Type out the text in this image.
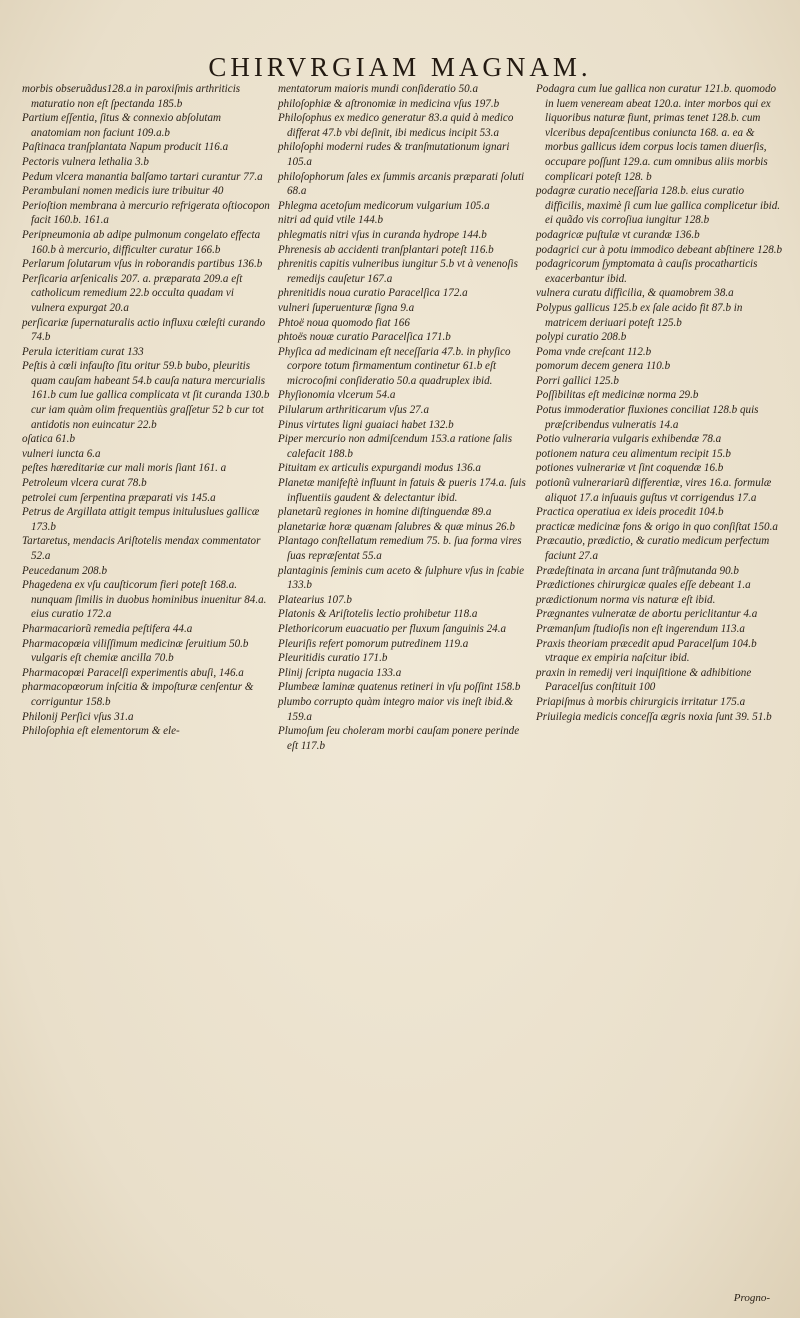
CHIRVRGIAM MAGNAM.

morbis obseruãdus128.a in paroxiſmis arthriticis maturatio non eſt ſpectanda 185.b

Partium eſſentia, ſitus & connexio abſolutam anatomiam non faciunt 109.a.b

Paſtinaca tranſplantata Napum producit 116.a

Pectoris vulnera lethalia 3.b

Pedum vlcera manantia balſamo tartari curantur 77.a

Perambulani nomen medicis iure tribuitur 40

Perioſtion membrana à mercurio refrigerata oſtiocopon facit 160.b. 161.a

Peripneumonia ab adipe pulmonum congelato effecta 160.b à mercurio, difficulter curatur 166.b

Perlarum ſolutarum vſus in roborandis partibus 136.b

Perſicaria arſenicalis 207. a. præparata 209.a eſt catholicum remedium 22.b occulta quadam vi vulnera expurgat 20.a

perſicariæ ſupernaturalis actio influxu cœleſti curando 74.b

Perula icteritiam curat 133

Peſtis à cœli infauſto ſitu oritur 59.b bubo, pleuritis quam cauſam habeant 54.b cauſa natura mercurialis 161.b cum lue gallica complicata vt ſit curanda 130.b cur iam quàm olim frequentiùs graſſetur 52 b cur tot antidotis non euincatur 22.b

oſatica 61.b

vulneri iuncta 6.a

peſtes hæreditariæ cur mali moris ſiant 161. a

Petroleum vlcera curat 78.b

petrolei cum ſerpentina præparati vis 145.a

Petrus de Argillata attigit tempus inituluslues gallicæ 173.b

Tartaretus, mendacis Ariſtotelis mendax commentator 52.a

Peucedanum 208.b

Phagedena ex vſu cauſticorum fieri poteſt 168.a. nunquam ſimilis in duobus hominibus inuenitur 84.a. eius curatio 172.a

Pharmacariorũ remedia peſtifera 44.a

Pharmacopœia viliſſimum medicinæ ſeruitium 50.b vulgaris eſt chemiæ ancilla 70.b

Pharmacopœi Paracelſi experimentis abuſi, 146.a

pharmacopœorum inſcitia & impoſturæ cenſentur & corriguntur 158.b

Philonij Perſici vſus 31.a

Philoſophia eſt elementorum & ele-

mentatorum maioris mundi conſideratio 50.a

philoſophiæ & aſtronomiæ in medicina vſus 197.b

Philoſophus ex medico generatur 83.a quid à medico differat 47.b vbi deſinit, ibi medicus incipit 53.a

philoſophi moderni rudes & tranſmutationum ignari 105.a

philoſophorum ſales ex ſummis arcanis præparati ſoluti 68.a

Phlegma acetoſum medicorum vulgarium 105.a

nitri ad quid vtile 144.b

phlegmatis nitri vſus in curanda hydrope 144.b

Phrenesis ab accidenti tranſplantari poteſt 116.b

phrenitis capitis vulneribus iungitur 5.b vt à venenoſis remedijs cauſetur 167.a

phrenitidis noua curatio Paracelſica 172.a

vulneri ſuperuenturæ ſigna 9.a

Phtoë noua quomodo fiat 166

phtoës nouæ curatio Paracelſica 171.b

Phyſica ad medicinam eſt neceſſaria 47.b. in phyſico corpore totum firmamentum continetur 61.b eſt microcoſmi conſideratio 50.a quadruplex ibid.

Phyſionomia vlcerum 54.a

Pilularum arthriticarum vſus 27.a

Pinus virtutes ligni guaiaci habet 132.b

Piper mercurio non admiſcendum 153.a ratione ſalis calefacit 188.b

Pituitam ex articulis expurgandi modus 136.a

Planetæ manifeſtè influunt in fatuis & pueris 174.a. ſuis influentiis gaudent & delectantur ibid.

planetarũ regiones in homine diſtinguendæ 89.a

planetariæ horæ quænam ſalubres & quæ minus 26.b

Plantago conſtellatum remedium 75. b. ſua forma vires ſuas repræſentat 55.a

plantaginis ſeminis cum aceto & ſulphure vſus in ſcabie 133.b

Platearius 107.b

Platonis & Ariſtotelis lectio prohibetur 118.a

Plethoricorum euacuatio per fluxum ſanguinis 24.a

Pleuriſis refert pomorum putredinem 119.a

Pleuritidis curatio 171.b

Plinij ſcripta nugacia 133.a

Plumbeæ laminæ quatenus retineri in vſu poſſint 158.b

plumbo corrupto quàm integro maior vis ineſt ibid.& 159.a

Plumoſum ſeu choleram morbi cauſam ponere perinde eſt 117.b

Podagra cum lue gallica non curatur 121.b. quomodo in luem veneream abeat 120.a. inter morbos qui ex liquoribus naturæ fiunt, primas tenet 128.b. cum vlceribus depaſcentibus coniuncta 168. a. ea & morbus gallicus idem corpus locis tamen diuerſis, occupare poſſunt 129.a. cum omnibus aliis morbis complicari poteſt 128. b

podagræ curatio neceſſaria 128.b. eius curatio difficilis, maximè ſi cum lue gallica complicetur ibid. ei quãdo vis corroſiua iungitur 128.b

podagricæ puſtulæ vt curandæ 136.b

podagrici cur à potu immodico debeant abſtinere 128.b

podagricorum ſymptomata à cauſis procatharticis exacerbantur ibid.

vulnera curatu difficilia, & quamobrem 38.a

Polypus gallicus 125.b ex ſale acido fit 87.b in matricem deriuari poteſt 125.b

polypi curatio 208.b

Poma vnde creſcant 112.b

pomorum decem genera 110.b

Porri gallici 125.b

Poſſibilitas eſt medicinæ norma 29.b

Potus immoderatior fluxiones conciliat 128.b quis præſcribendus vulneratis 14.a

Potio vulneraria vulgaris exhibendæ 78.a

potionem natura ceu alimentum recipit 15.b

potiones vulnerariæ vt ſint coquendæ 16.b

potionũ vulnerariarũ differentiæ, vires 16.a. formulæ aliquot 17.a inſuauis guſtus vt corrigendus 17.a

Practica operatiua ex ideis procedit 104.b

practicæ medicinæ fons & origo in quo conſiſtat 150.a

Præcautio, prædictio, & curatio medicum perfectum faciunt 27.a

Prædeſtinata in arcana ſunt trãſmutanda 90.b

Prædictiones chirurgicæ quales eſſe debeant 1.a

prædictionum norma vis naturæ eſt ibid.

Prægnantes vulneratæ de abortu periclitantur 4.a

Præmanſum ſtudioſis non eſt ingerendum 113.a

Praxis theoriam præcedit apud Paracelſum 104.b vtraque ex empiria naſcitur ibid.

praxin in remedij veri inquiſitione & adhibitione Paracelſus conſtituit 100

Priapiſmus à morbis chirurgicis irritatur 175.a

Priuilegia medicis conceſſa ægris noxia ſunt 39. 51.b

Progno-
